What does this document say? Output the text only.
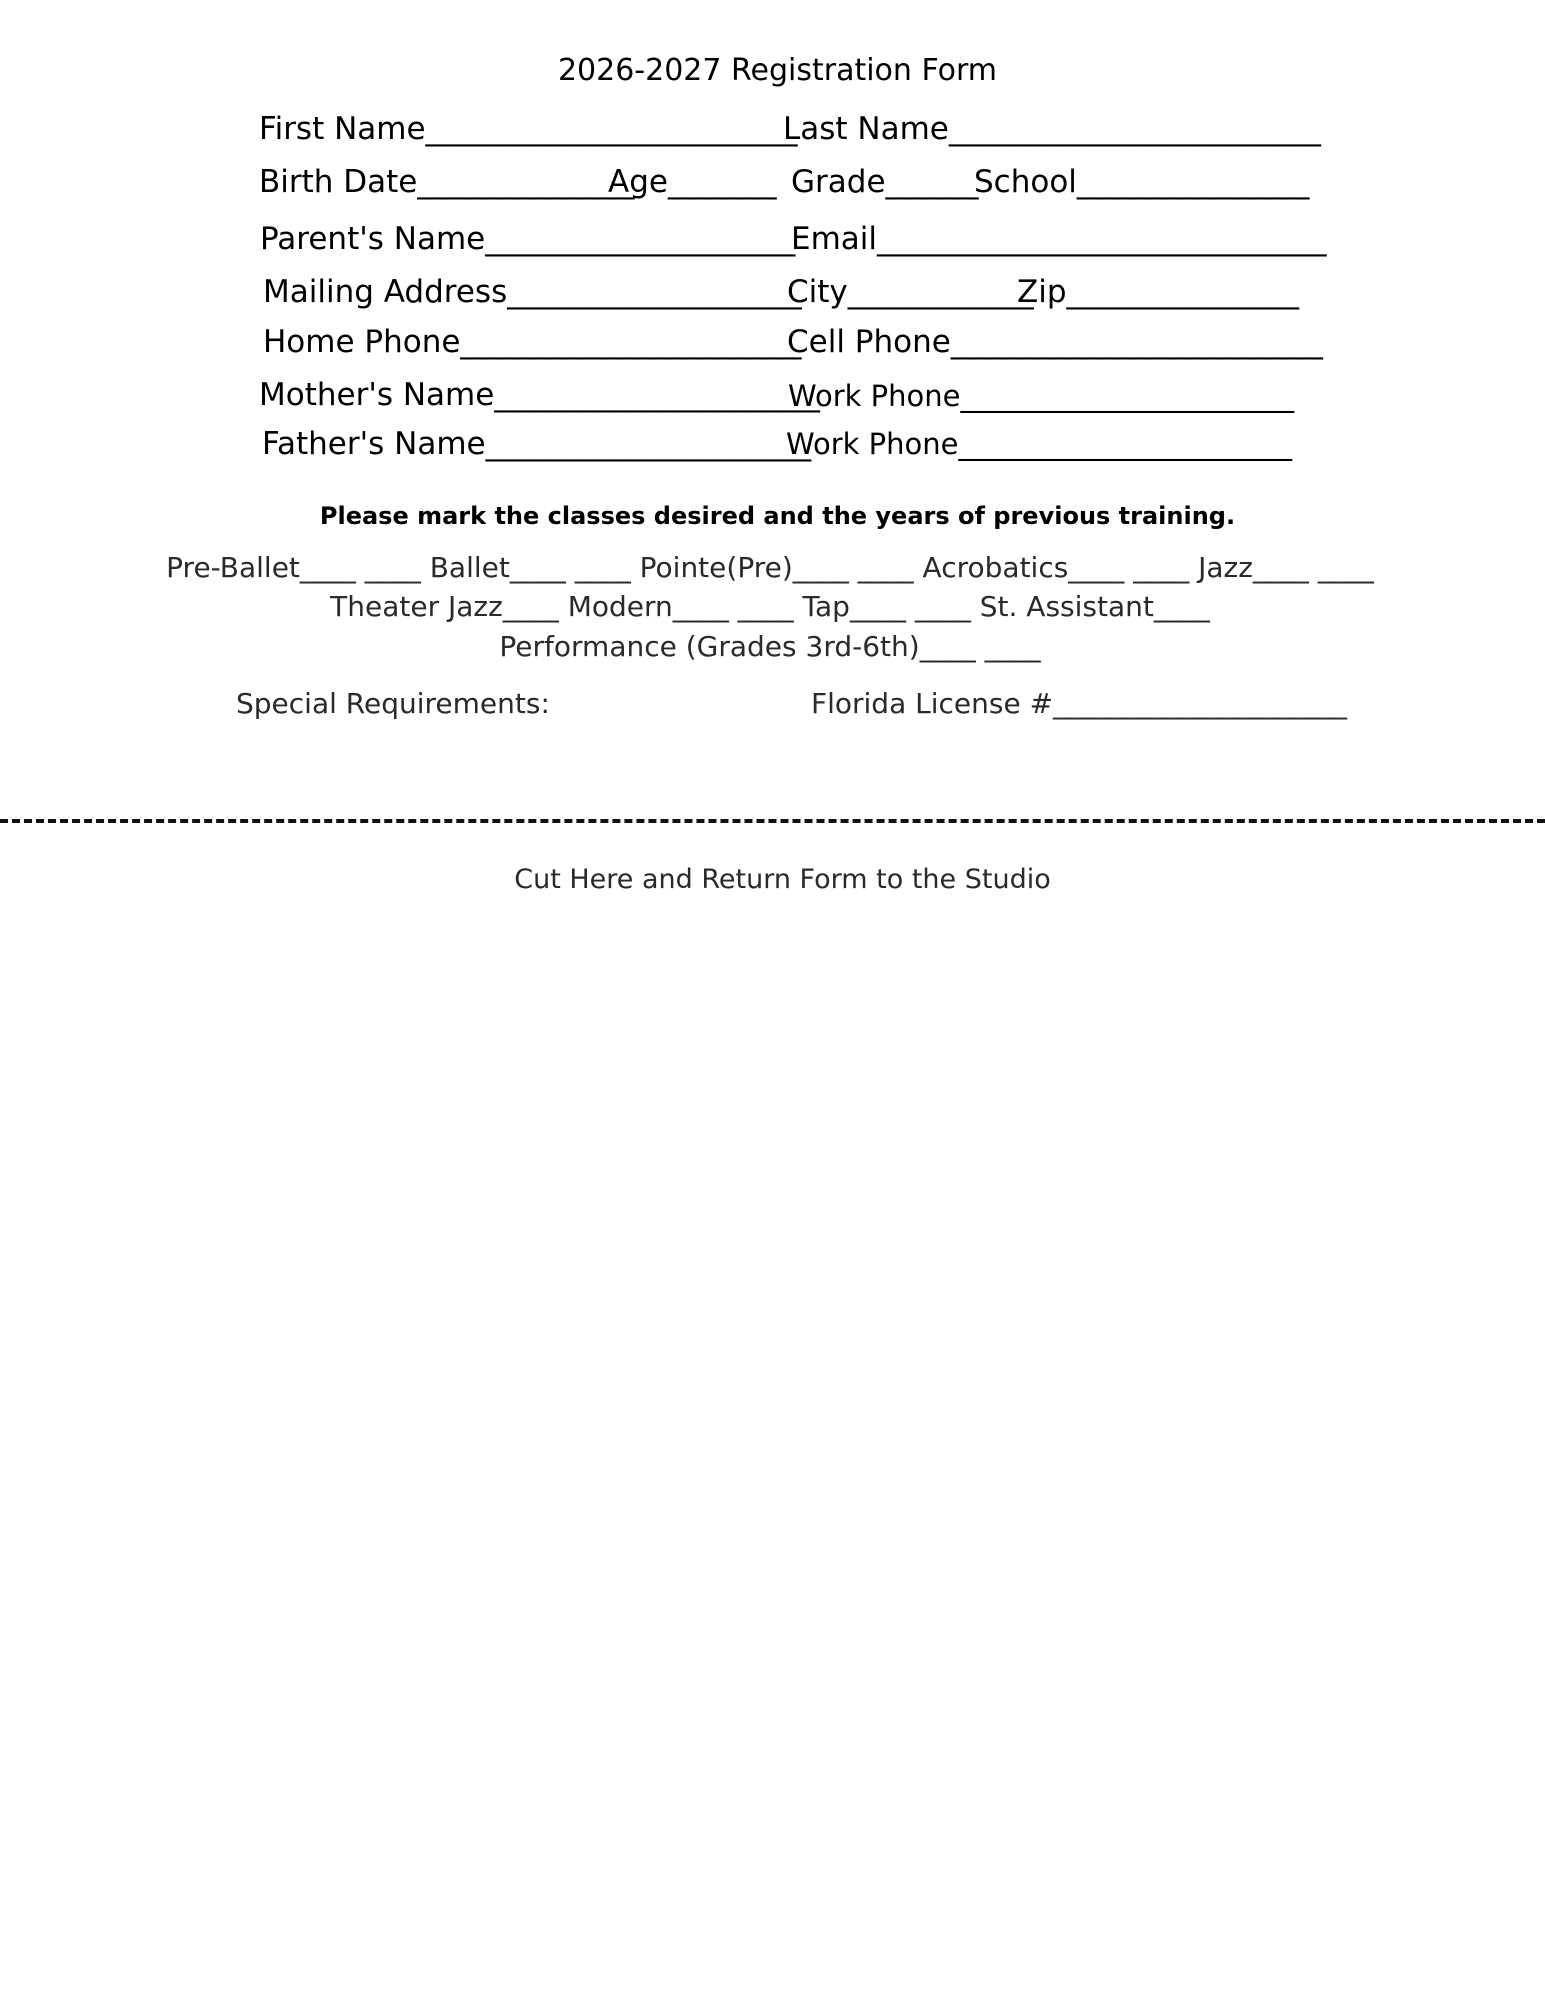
2026-2027 Registration Form
First Name________________________
Last Name________________________
Birth Date______________
Age_______ Grade______
School_______________
Parent's Name____________________
Email_____________________________
Mailing Address___________________
City____________
Zip_______________
Home Phone______________________
Cell Phone________________________
Mother's Name_____________________
Work Phone_______________________
Father's Name_____________________
Work Phone_______________________
Please mark the classes desired and the years of previous training.
Pre-Ballet____ ____ Ballet____ ____ Pointe(Pre)____ ____ Acrobatics____ ____ Jazz____ ____
Theater Jazz____ Modern____ ____ Tap____ ____ St. Assistant____
Performance (Grades 3rd-6th)____ ____
Special Requirements:	Florida License #_____________________
Cut Here and Return Form to the Studio
